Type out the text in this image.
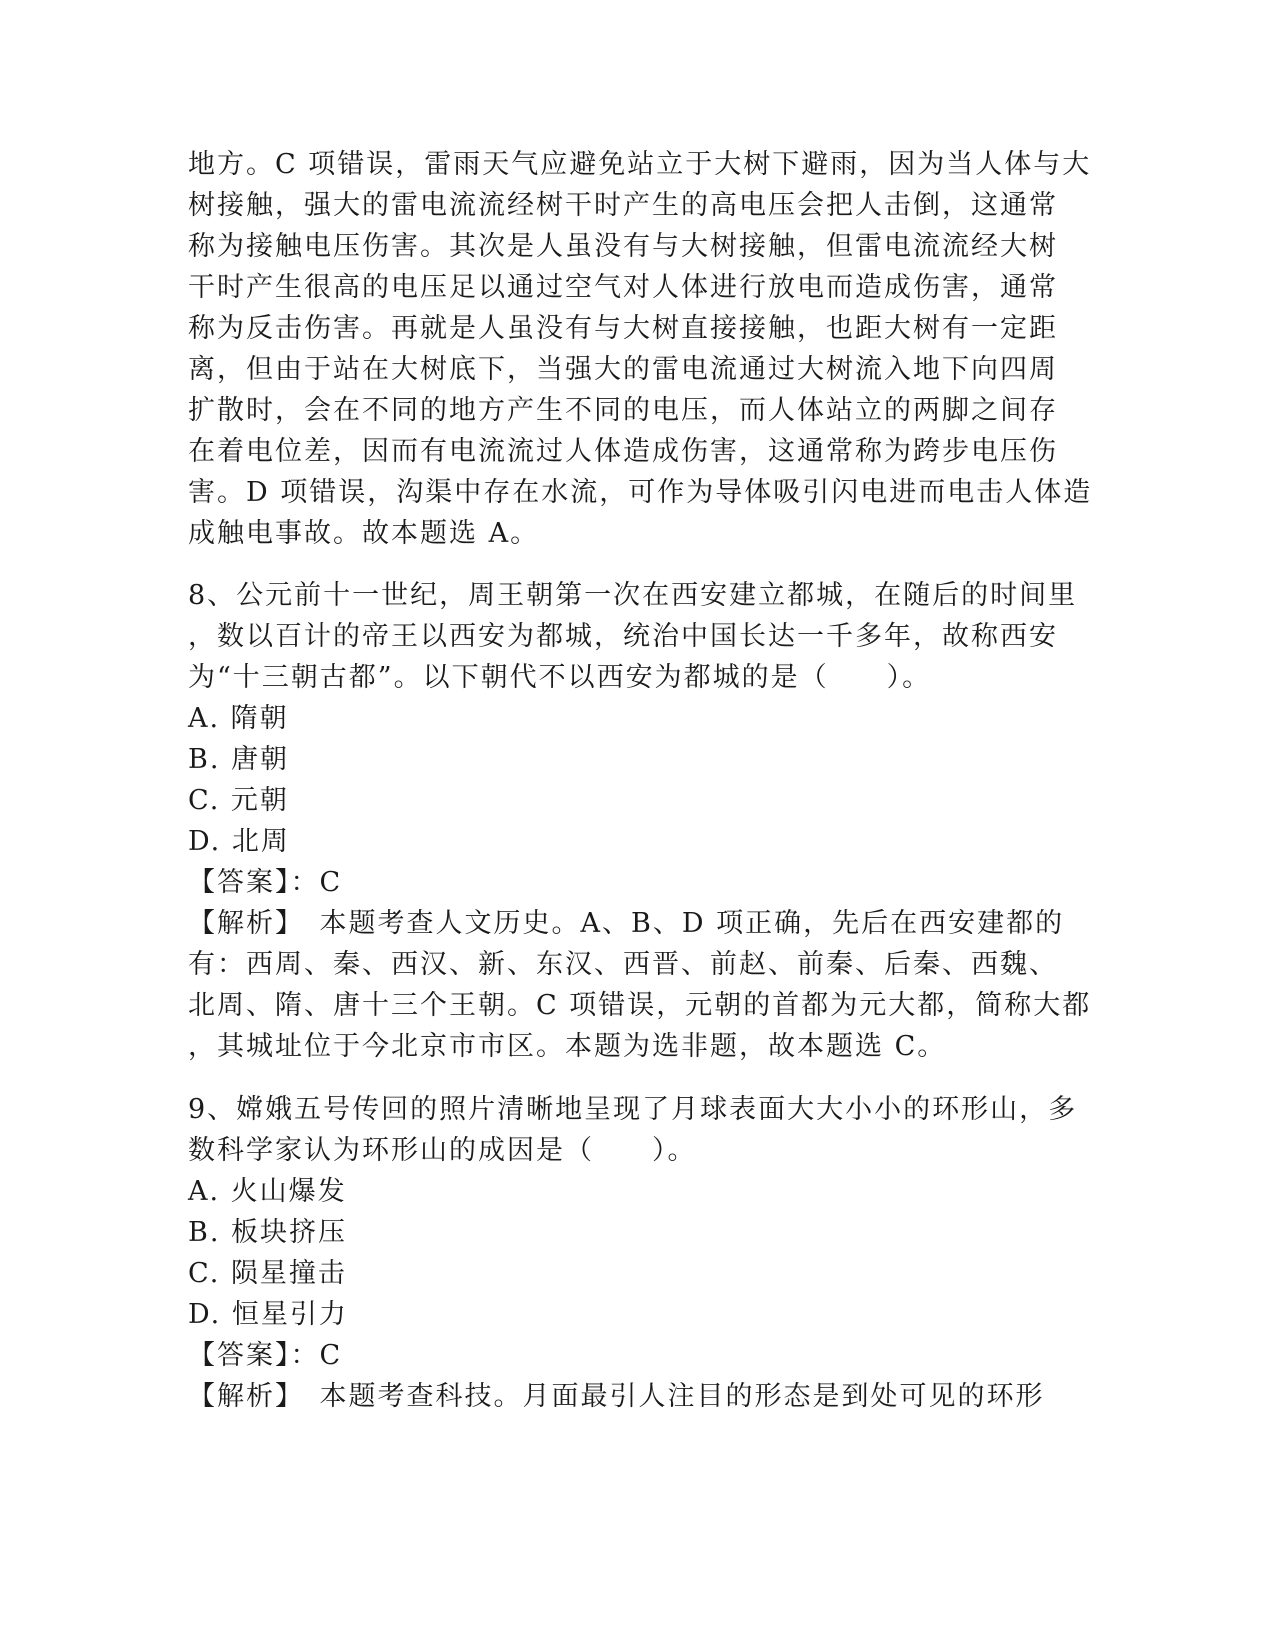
地方。C 项错误，雷雨天气应避免站立于大树下避雨，因为当人体与大
树接触，强大的雷电流流经树干时产生的高电压会把人击倒，这通常
称为接触电压伤害。其次是人虽没有与大树接触，但雷电流流经大树
干时产生很高的电压足以通过空气对人体进行放电而造成伤害，通常
称为反击伤害。再就是人虽没有与大树直接接触，也距大树有一定距
离，但由于站在大树底下，当强大的雷电流通过大树流入地下向四周
扩散时，会在不同的地方产生不同的电压，而人体站立的两脚之间存
在着电位差，因而有电流流过人体造成伤害，这通常称为跨步电压伤
害。D 项错误，沟渠中存在水流，可作为导体吸引闪电进而电击人体造
成触电事故。故本题选 A。
8、公元前十一世纪，周王朝第一次在西安建立都城，在随后的时间里
，数以百计的帝王以西安为都城，统治中国长达一千多年，故称西安
为“十三朝古都”。以下朝代不以西安为都城的是（　　）。
A. 隋朝
B. 唐朝
C. 元朝
D. 北周
【答案】：C
【解析】　本题考查人文历史。A、B、D 项正确，先后在西安建都的
有：西周、秦、西汉、新、东汉、西晋、前赵、前秦、后秦、西魏、
北周、隋、唐十三个王朝。C 项错误，元朝的首都为元大都，简称大都
，其城址位于今北京市市区。本题为选非题，故本题选 C。
9、嫦娥五号传回的照片清晰地呈现了月球表面大大小小的环形山，多
数科学家认为环形山的成因是（　　）。
A. 火山爆发
B. 板块挤压
C. 陨星撞击
D. 恒星引力
【答案】：C
【解析】　本题考查科技。月面最引人注目的形态是到处可见的环形
